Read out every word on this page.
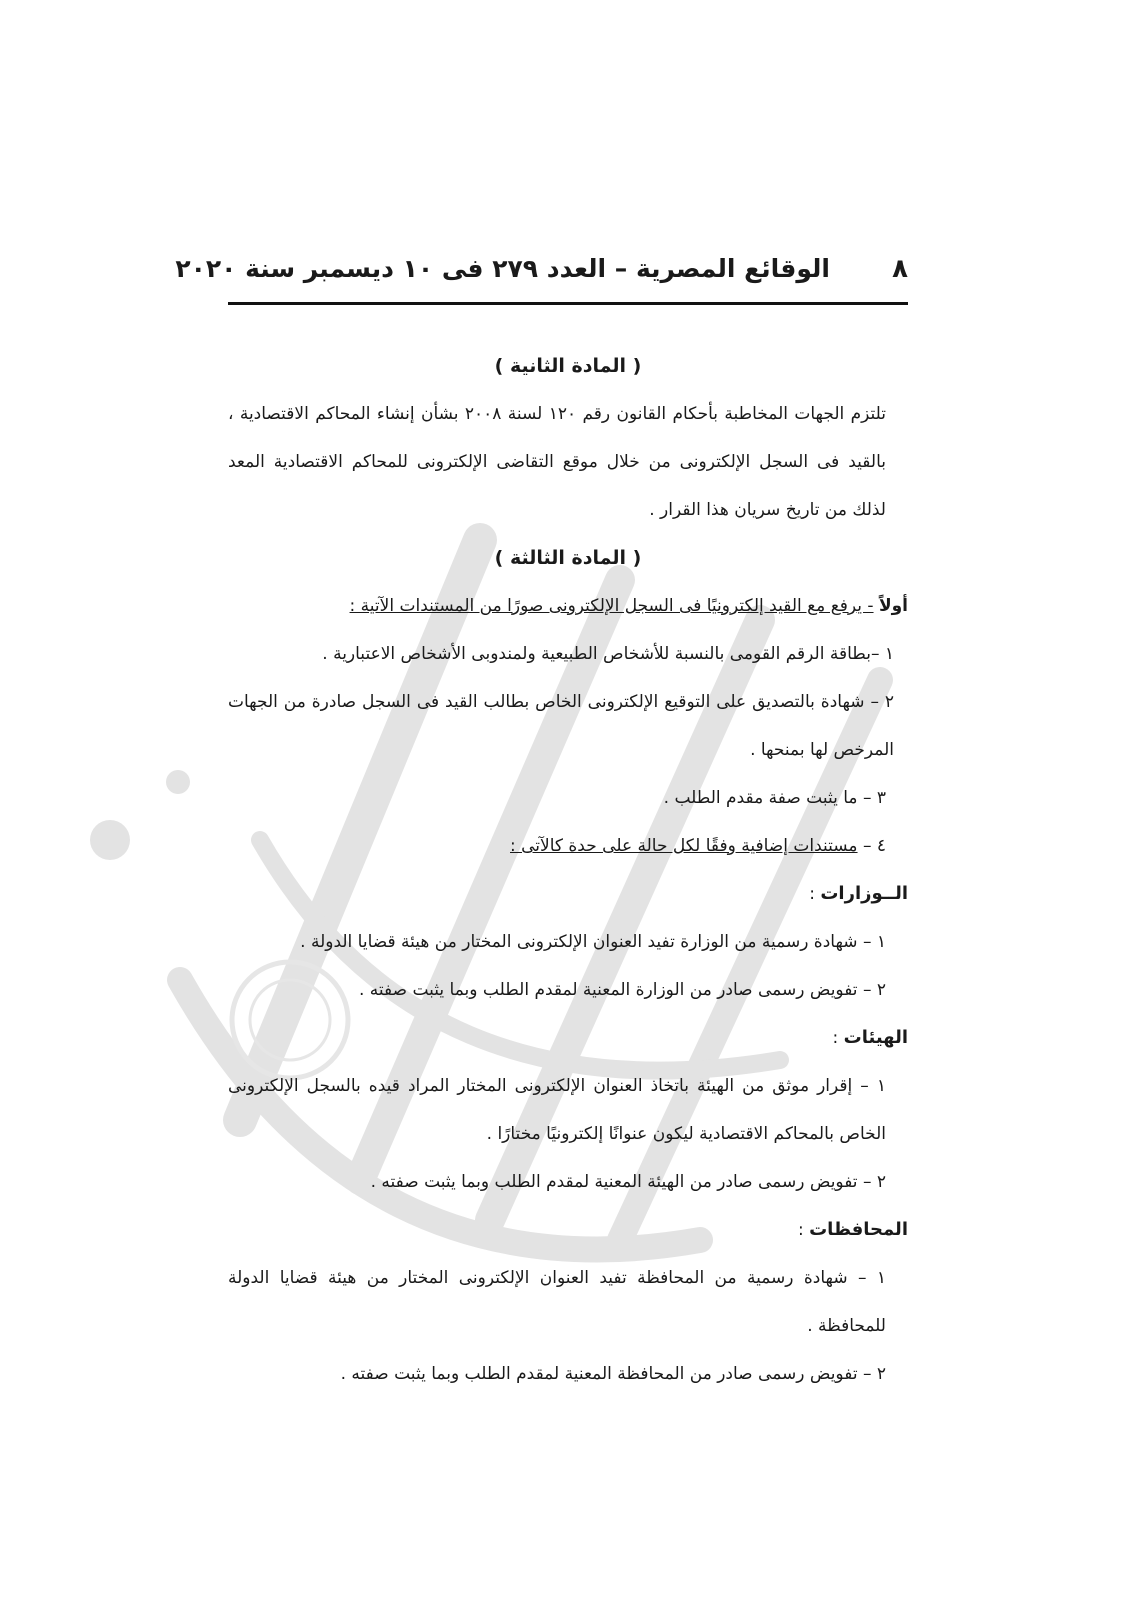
٨
الوقائع المصرية – العدد ٢٧٩ فى ١٠ ديسمبر سنة ٢٠٢٠

( المادة الثانية )

تلتزم الجهات المخاطبة بأحكام القانون رقم ١٢٠ لسنة ٢٠٠٨ بشأن إنشاء المحاكم الاقتصادية ، بالقيد فى السجل الإلكترونى من خلال موقع التقاضى الإلكترونى للمحاكم الاقتصادية المعد لذلك من تاريخ سريان هذا القرار .

( المادة الثالثة )

أولاً - يرفع مع القيد إلكترونيًا فى السجل الإلكترونى صورًا من المستندات الآتية :

١ –بطاقة الرقم القومى بالنسبة للأشخاص الطبيعية ولمندوبى الأشخاص الاعتبارية .

٢ – شهادة بالتصديق على التوقيع الإلكترونى الخاص بطالب القيد فى السجل صادرة من الجهات المرخص لها بمنحها .

٣ – ما يثبت صفة مقدم الطلب .

٤ – مستندات إضافية وفقًا لكل حالة على حدة كالآتى :

الــوزارات :

١ – شهادة رسمية من الوزارة تفيد العنوان الإلكترونى المختار من هيئة قضايا الدولة .

٢ – تفويض رسمى صادر من الوزارة المعنية لمقدم الطلب وبما يثبت صفته .

الهيئات :

١ – إقرار موثق من الهيئة باتخاذ العنوان الإلكترونى المختار المراد قيده بالسجل الإلكترونى الخاص بالمحاكم الاقتصادية ليكون عنوانًا إلكترونيًا مختارًا .

٢ – تفويض رسمى صادر من الهيئة المعنية لمقدم الطلب وبما يثبت صفته .

المحافظات :

١ – شهادة رسمية من المحافظة تفيد العنوان الإلكترونى المختار من هيئة قضايا الدولة للمحافظة .

٢ – تفويض رسمى صادر من المحافظة المعنية لمقدم الطلب وبما يثبت صفته .
